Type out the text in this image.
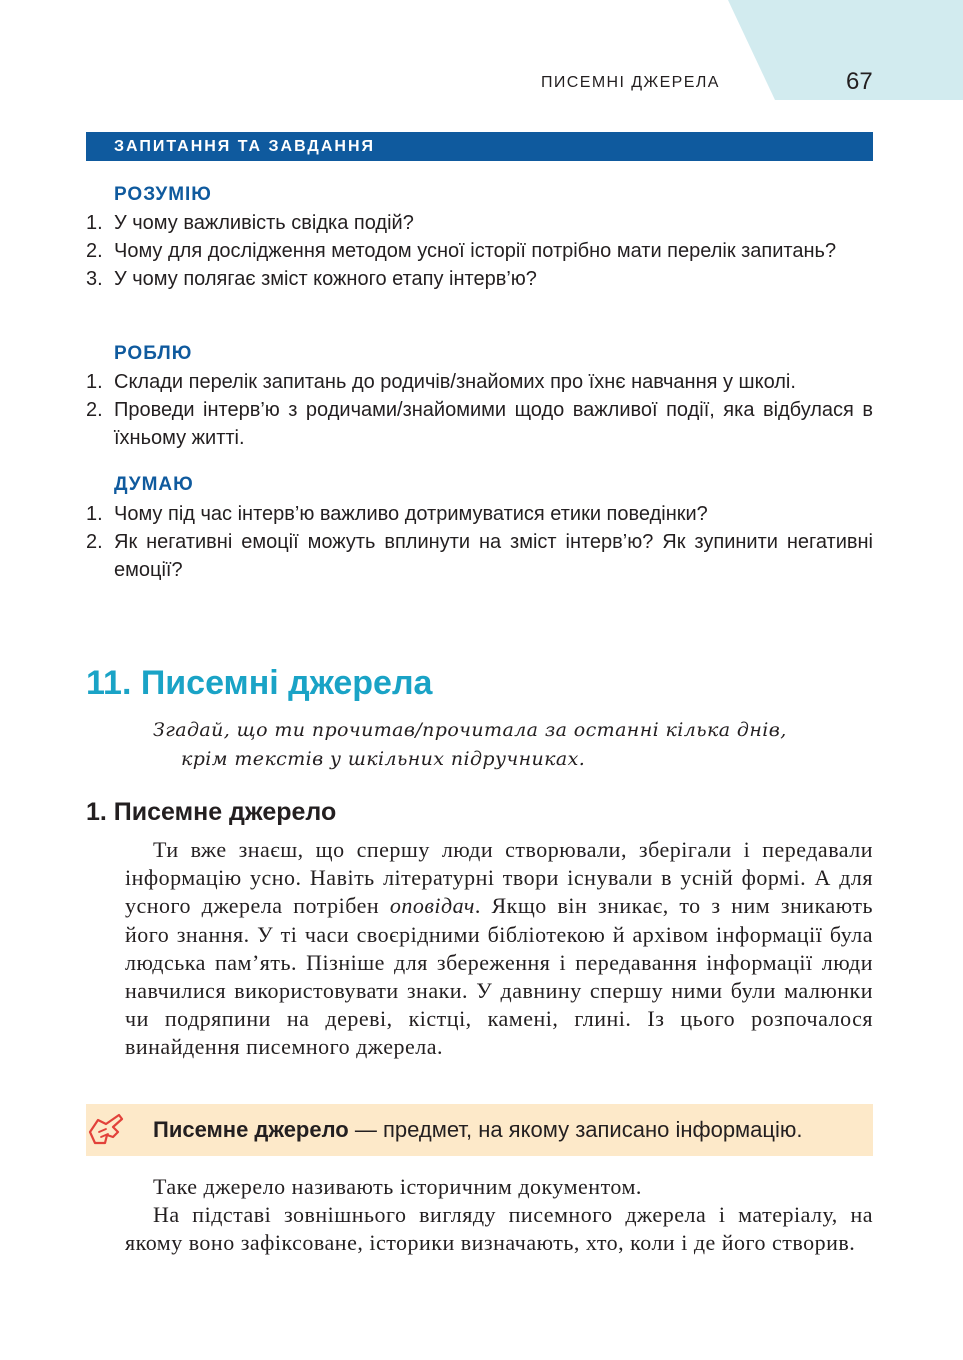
ПИСЕМНІ ДЖЕРЕЛА	67
ЗАПИТАННЯ ТА ЗАВДАННЯ
РОЗУМІЮ
1. У чому важливість свідка подій?
2. Чому для дослідження методом усної історії потрібно мати перелік запитань?
3. У чому полягає зміст кожного етапу інтерв’ю?
РОБЛЮ
1. Склади перелік запитань до родичів/знайомих про їхнє навчання у школі.
2. Проведи інтерв’ю з родичами/знайомими щодо важливої події, яка відбулася в їхньому житті.
ДУМАЮ
1. Чому під час інтерв’ю важливо дотримуватися етики поведінки?
2. Як негативні емоції можуть вплинути на зміст інтерв’ю? Як зупинити негативні емоції?
11. Писемні джерела
Згадай, що ти прочитав/прочитала за останні кілька днів,
крім текстів у шкільних підручниках.
1. Писемне джерело

Ти вже знаєш, що спершу люди створювали, зберігали і передавали інформацію усно. Навіть літературні твори існували в усній формі. А для усного джерела потрібен оповідач. Якщо він зникає, то з ним зникають його знання. У ті часи своєрідними бібліотекою й архівом інформації була людська пам’ять. Пізніше для збереження і передавання інформації люди навчилися використовувати знаки. У давнину спершу ними були малюнки чи подряпини на дереві, кістці, камені, глині. Із цього розпочалося винайдення писемного джерела.

Писемне джерело — предмет, на якому записано інформацію.

Таке джерело називають історичним документом.

На підставі зовнішнього вигляду писемного джерела і матеріалу, на якому воно зафіксоване, історики визначають, хто, коли і де його створив.
